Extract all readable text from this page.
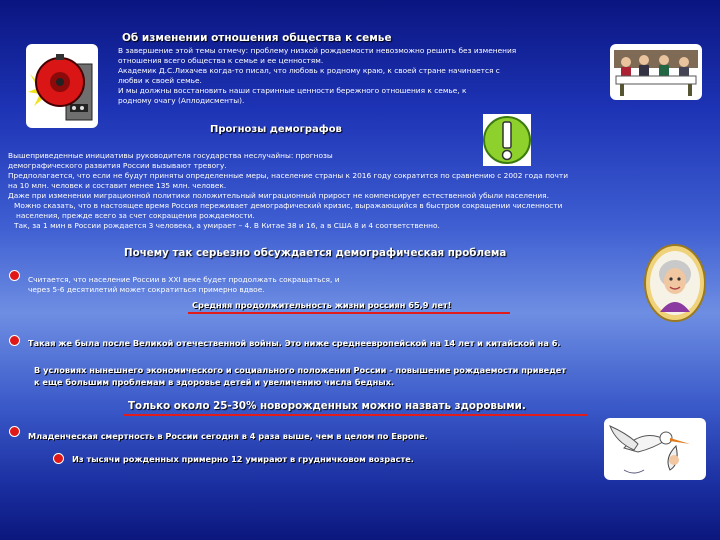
Об изменении отношения общества к семье
В завершение этой темы отмечу: проблему низкой рождаемости невозможно решить без изменения
отношения всего общества к семье и ее ценностям.
Академик Д.С.Лихачев когда-то писал, что любовь к родному краю, к своей стране начинается с
любви к своей семье.
И мы должны восстановить наши старинные ценности бережного отношения к семье, к
родному очагу (Аплодисменты).
Прогнозы демографов
Вышеприведенные инициативы руководителя государства неслучайны: прогнозы
демографического развития России вызывают тревогу.
Предполагается, что если не будут приняты определенные меры, население страны к 2016 году сократится по сравнению с 2002 года почти
на 10 млн. человек и составит менее 135 млн. человек.
Даже при изменении миграционной политики положительный миграционный прирост не компенсирует естественной убыли населения.
Можно сказать, что в настоящее время Россия переживает демографический кризис, выражающийся в быстром сокращении численности
населения, прежде всего за счет сокращения рождаемости.
Так, за 1 мин в России рождается 3 человека, а умирает – 4. В Китае 38 и 16, а в США 8 и 4 соответственно.
Почему так серьезно обсуждается демографическая проблема
Считается, что население России в XXI веке будет продолжать сокращаться, и
через 5-6 десятилетий может сократиться примерно вдвое.
Средняя продолжительность жизни россиян 65,9 лет!
Такая же была после Великой отечественной войны. Это ниже среднеевропейской на 14 лет и китайской на 6.
В условиях нынешнего экономического и социального положения России - повышение рождаемости приведет
к еще большим проблемам в здоровье детей и увеличению числа бедных.
Только около 25-30% новорожденных можно назвать здоровыми.
Младенческая смертность в России сегодня в 4 раза выше, чем в целом по Европе.
Из тысячи рожденных примерно 12 умирают в грудничковом возрасте.
